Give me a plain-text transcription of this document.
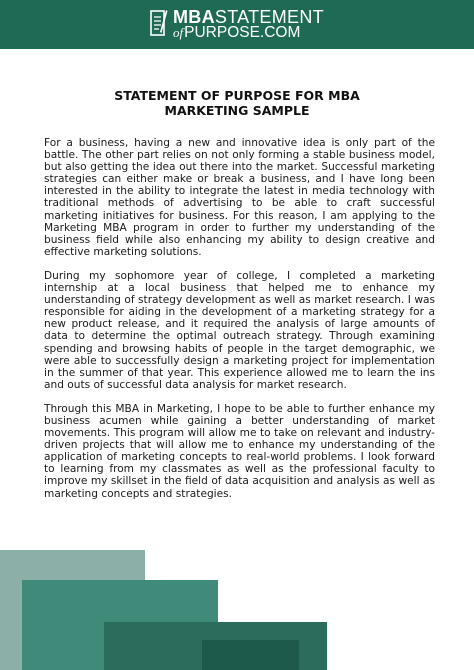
MBASTATEMENT
ofPURPOSE.COM
STATEMENT OF PURPOSE FOR MBA
MARKETING SAMPLE

For a business, having a new and innovative idea is only part of the battle. The other part relies on not only forming a stable business model, but also getting the idea out there into the market. Successful marketing strategies can either make or break a business, and I have long been interested in the ability to integrate the latest in media technology with traditional methods of advertising to be able to craft successful marketing initiatives for business. For this reason, I am applying to the Marketing MBA program in order to further my understanding of the business field while also enhancing my ability to design creative and effective marketing solutions.

During my sophomore year of college, I completed a marketing internship at a local business that helped me to enhance my understanding of strategy development as well as market research. I was responsible for aiding in the development of a marketing strategy for a new product release, and it required the analysis of large amounts of data to determine the optimal outreach strategy. Through examining spending and browsing habits of people in the target demographic, we were able to successfully design a marketing project for implementation in the summer of that year. This experience allowed me to learn the ins and outs of successful data analysis for market research.

Through this MBA in Marketing, I hope to be able to further enhance my business acumen while gaining a better understanding of market movements. This program will allow me to take on relevant and industry-driven projects that will allow me to enhance my understanding of the application of marketing concepts to real-world problems. I look forward to learning from my classmates as well as the professional faculty to improve my skillset in the field of data acquisition and analysis as well as marketing concepts and strategies.
